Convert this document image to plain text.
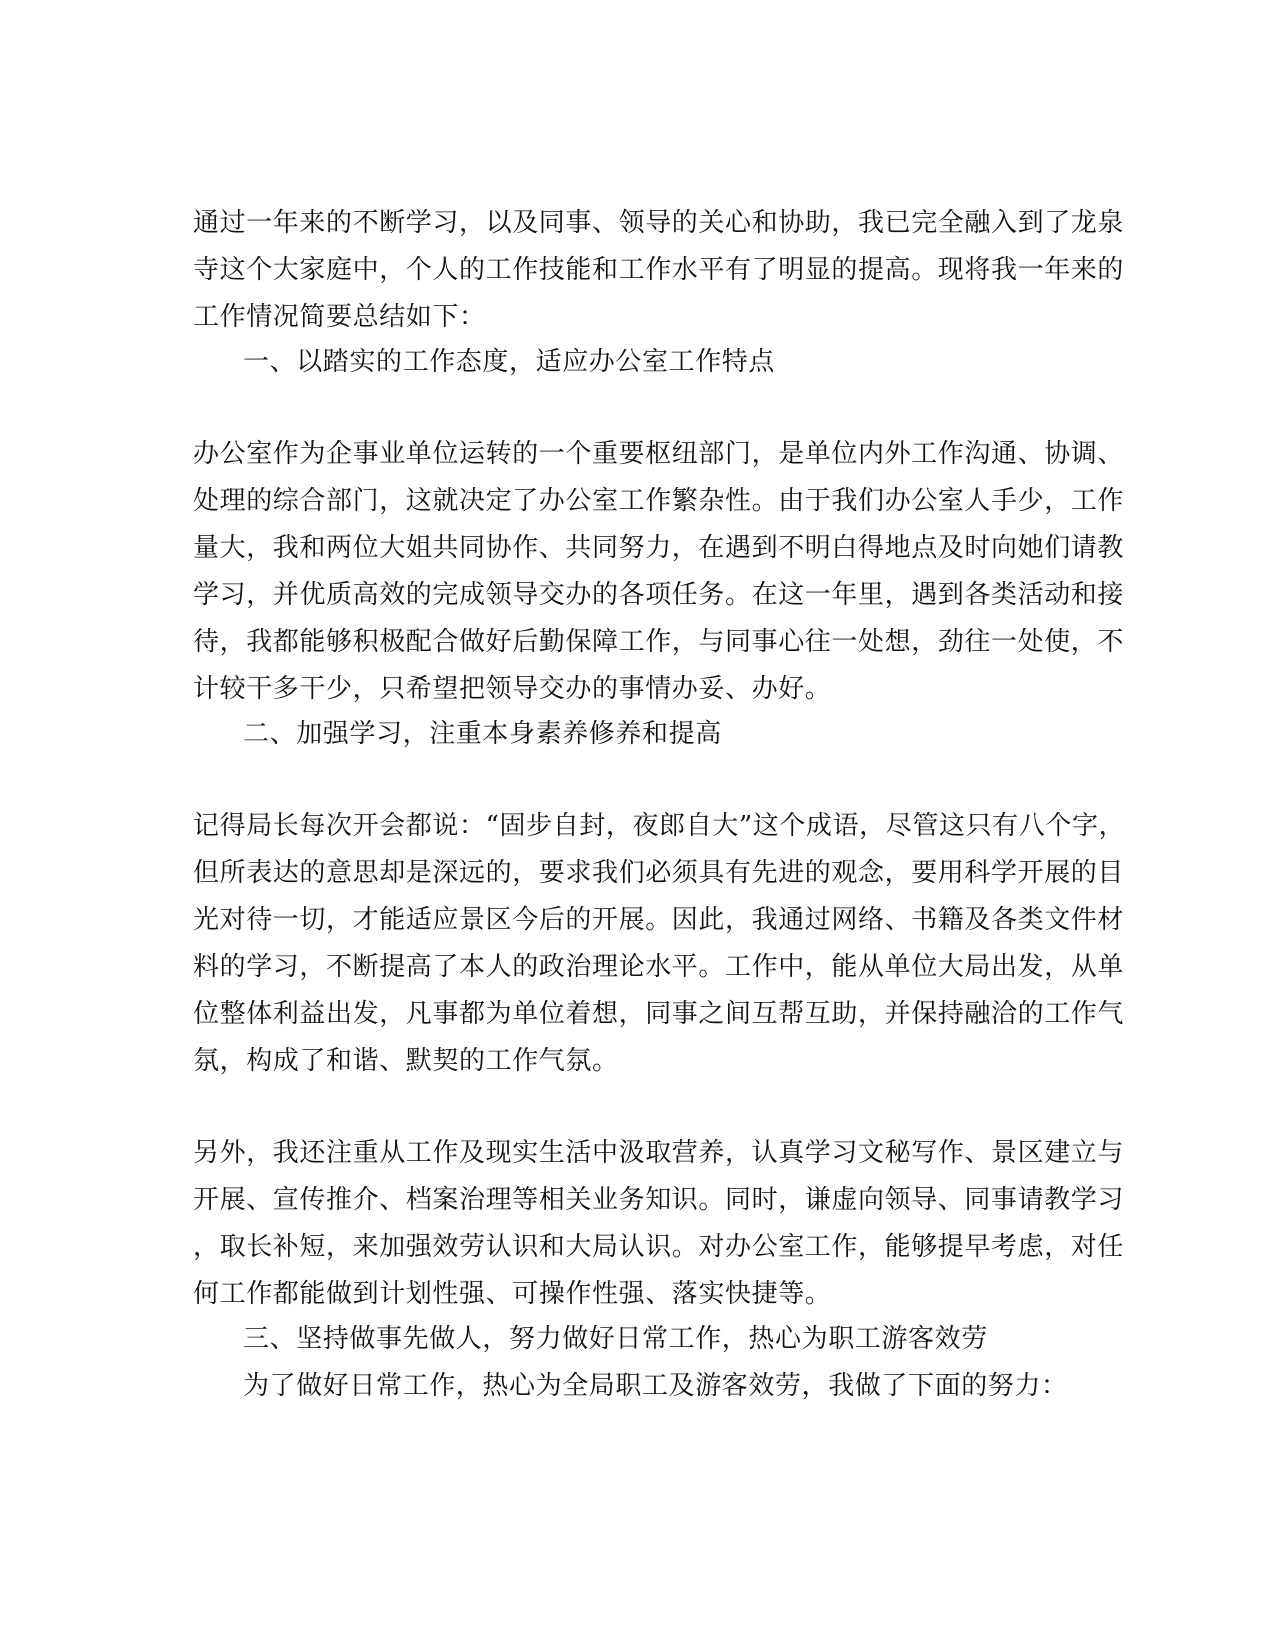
通过一年来的不断学习，以及同事、领导的关心和协助，我已完全融入到了龙泉
寺这个大家庭中，个人的工作技能和工作水平有了明显的提高。现将我一年来的
工作情况简要总结如下：
一、以踏实的工作态度，适应办公室工作特点
办公室作为企事业单位运转的一个重要枢纽部门，是单位内外工作沟通、协调、
处理的综合部门，这就决定了办公室工作繁杂性。由于我们办公室人手少，工作
量大，我和两位大姐共同协作、共同努力，在遇到不明白得地点及时向她们请教
学习，并优质高效的完成领导交办的各项任务。在这一年里，遇到各类活动和接
待，我都能够积极配合做好后勤保障工作，与同事心往一处想，劲往一处使，不
计较干多干少，只希望把领导交办的事情办妥、办好。
二、加强学习，注重本身素养修养和提高
记得局长每次开会都说：“固步自封，夜郎自大”这个成语，尽管这只有八个字，
但所表达的意思却是深远的，要求我们必须具有先进的观念，要用科学开展的目
光对待一切，才能适应景区今后的开展。因此，我通过网络、书籍及各类文件材
料的学习，不断提高了本人的政治理论水平。工作中，能从单位大局出发，从单
位整体利益出发，凡事都为单位着想，同事之间互帮互助，并保持融洽的工作气
氛，构成了和谐、默契的工作气氛。
另外，我还注重从工作及现实生活中汲取营养，认真学习文秘写作、景区建立与
开展、宣传推介、档案治理等相关业务知识。同时，谦虚向领导、同事请教学习
，取长补短，来加强效劳认识和大局认识。对办公室工作，能够提早考虑，对任
何工作都能做到计划性强、可操作性强、落实快捷等。
三、坚持做事先做人，努力做好日常工作，热心为职工游客效劳
为了做好日常工作，热心为全局职工及游客效劳，我做了下面的努力：
